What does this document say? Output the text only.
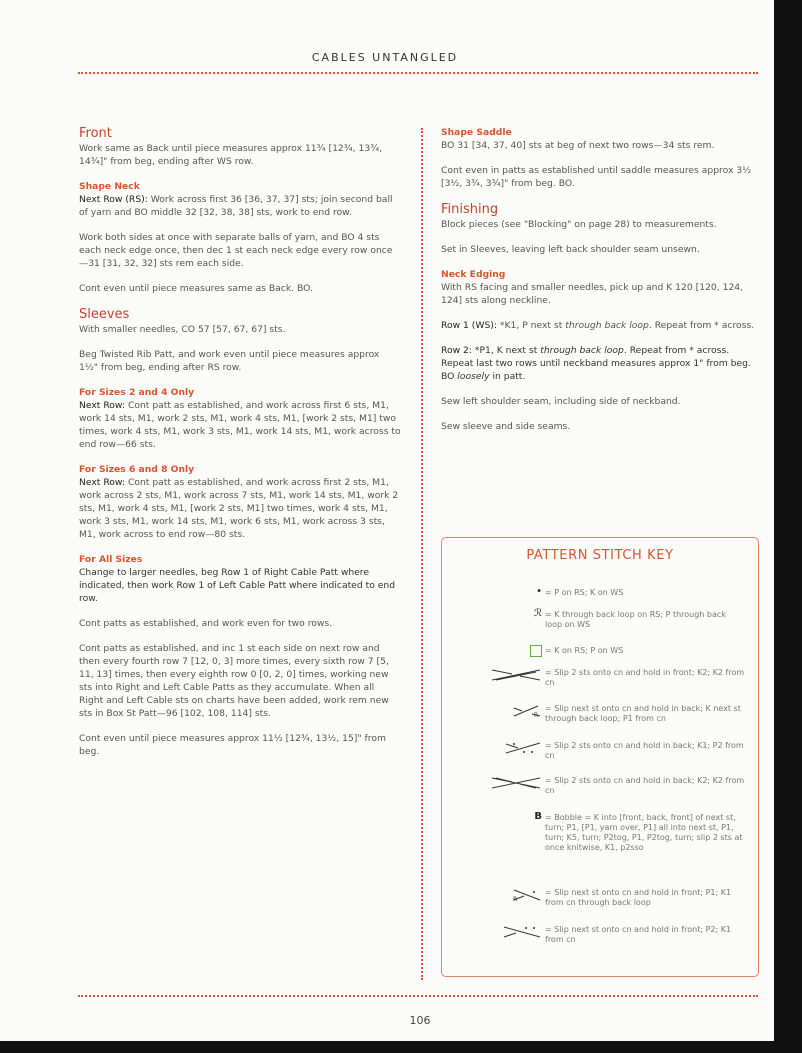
CABLES UNTANGLED
Front

Work same as Back until piece measures approx 11¾ [12¾, 13¾, 14¾]" from beg, ending after WS row.

Shape Neck

Next Row (RS): Work across first 36 [36, 37, 37] sts; join second ball of yarn and BO middle 32 [32, 38, 38] sts, work to end row.

Work both sides at once with separate balls of yarn, and BO 4 sts each neck edge once, then dec 1 st each neck edge every row once—31 [31, 32, 32] sts rem each side.

Cont even until piece measures same as Back. BO.

Sleeves

With smaller needles, CO 57 [57, 67, 67] sts.

Beg Twisted Rib Patt, and work even until piece measures approx 1½" from beg, ending after RS row.

For Sizes 2 and 4 Only

Next Row: Cont patt as established, and work across first 6 sts, M1, work 14 sts, M1, work 2 sts, M1, work 4 sts, M1, [work 2 sts, M1] two times, work 4 sts, M1, work 3 sts, M1, work 14 sts, M1, work across to end row—66 sts.

For Sizes 6 and 8 Only

Next Row: Cont patt as established, and work across first 2 sts, M1, work across 2 sts, M1, work across 7 sts, M1, work 14 sts, M1, work 2 sts, M1, work 4 sts, M1, [work 2 sts, M1] two times, work 4 sts, M1, work 3 sts, M1, work 14 sts, M1, work 6 sts, M1, work across 3 sts, M1, work across to end row—80 sts.

For All Sizes

Change to larger needles, beg Row 1 of Right Cable Patt where indicated, then work Row 1 of Left Cable Patt where indicated to end row.

Cont patts as established, and work even for two rows.

Cont patts as established, and inc 1 st each side on next row and then every fourth row 7 [12, 0, 3] more times, every sixth row 7 [5, 11, 13] times, then every eighth row 0 [0, 2, 0] times, working new sts into Right and Left Cable Patts as they accumulate. When all Right and Left Cable sts on charts have been added, work rem new sts in Box St Patt—96 [102, 108, 114] sts.

Cont even until piece measures approx 11½ [12¾, 13½, 15]" from beg.

Shape Saddle

BO 31 [34, 37, 40] sts at beg of next two rows—34 sts rem.

Cont even in patts as established until saddle measures approx 3½ [3½, 3¾, 3¾]" from beg. BO.

Finishing

Block pieces (see "Blocking" on page 28) to measurements.

Set in Sleeves, leaving left back shoulder seam unsewn.

Neck Edging

With RS facing and smaller needles, pick up and K 120 [120, 124, 124] sts along neckline.

Row 1 (WS): *K1, P next st through back loop. Repeat from * across.

Row 2: *P1, K next st through back loop. Repeat from * across. Repeat last two rows until neckband measures approx 1" from beg. BO loosely in patt.

Sew left shoulder seam, including side of neckband.

Sew sleeve and side seams.

PATTERN STITCH KEY
• = P on RS; K on WS
ℛ = K through back loop on RS; P through back loop on WS
= K on RS; P on WS
= Slip 2 sts onto cn and hold in front; K2; K2 from cn
R
= Slip next st onto cn and hold in back; K next st through back loop; P1 from cn
= Slip 2 sts onto cn and hold in back; K1; P2 from cn
= Slip 2 sts onto cn and hold in back; K2; K2 from cn
B = Bobble = K into [front, back, front] of next st, turn; P1, [P1, yarn over, P1] all into next st, P1, turn; K5, turn; P2tog, P1, P2tog, turn; slip 2 sts at once knitwise, K1, p2sso
R
= Slip next st onto cn and hold in front; P1; K1 from cn through back loop
= Slip next st onto cn and hold in front; P2; K1 from cn
106
